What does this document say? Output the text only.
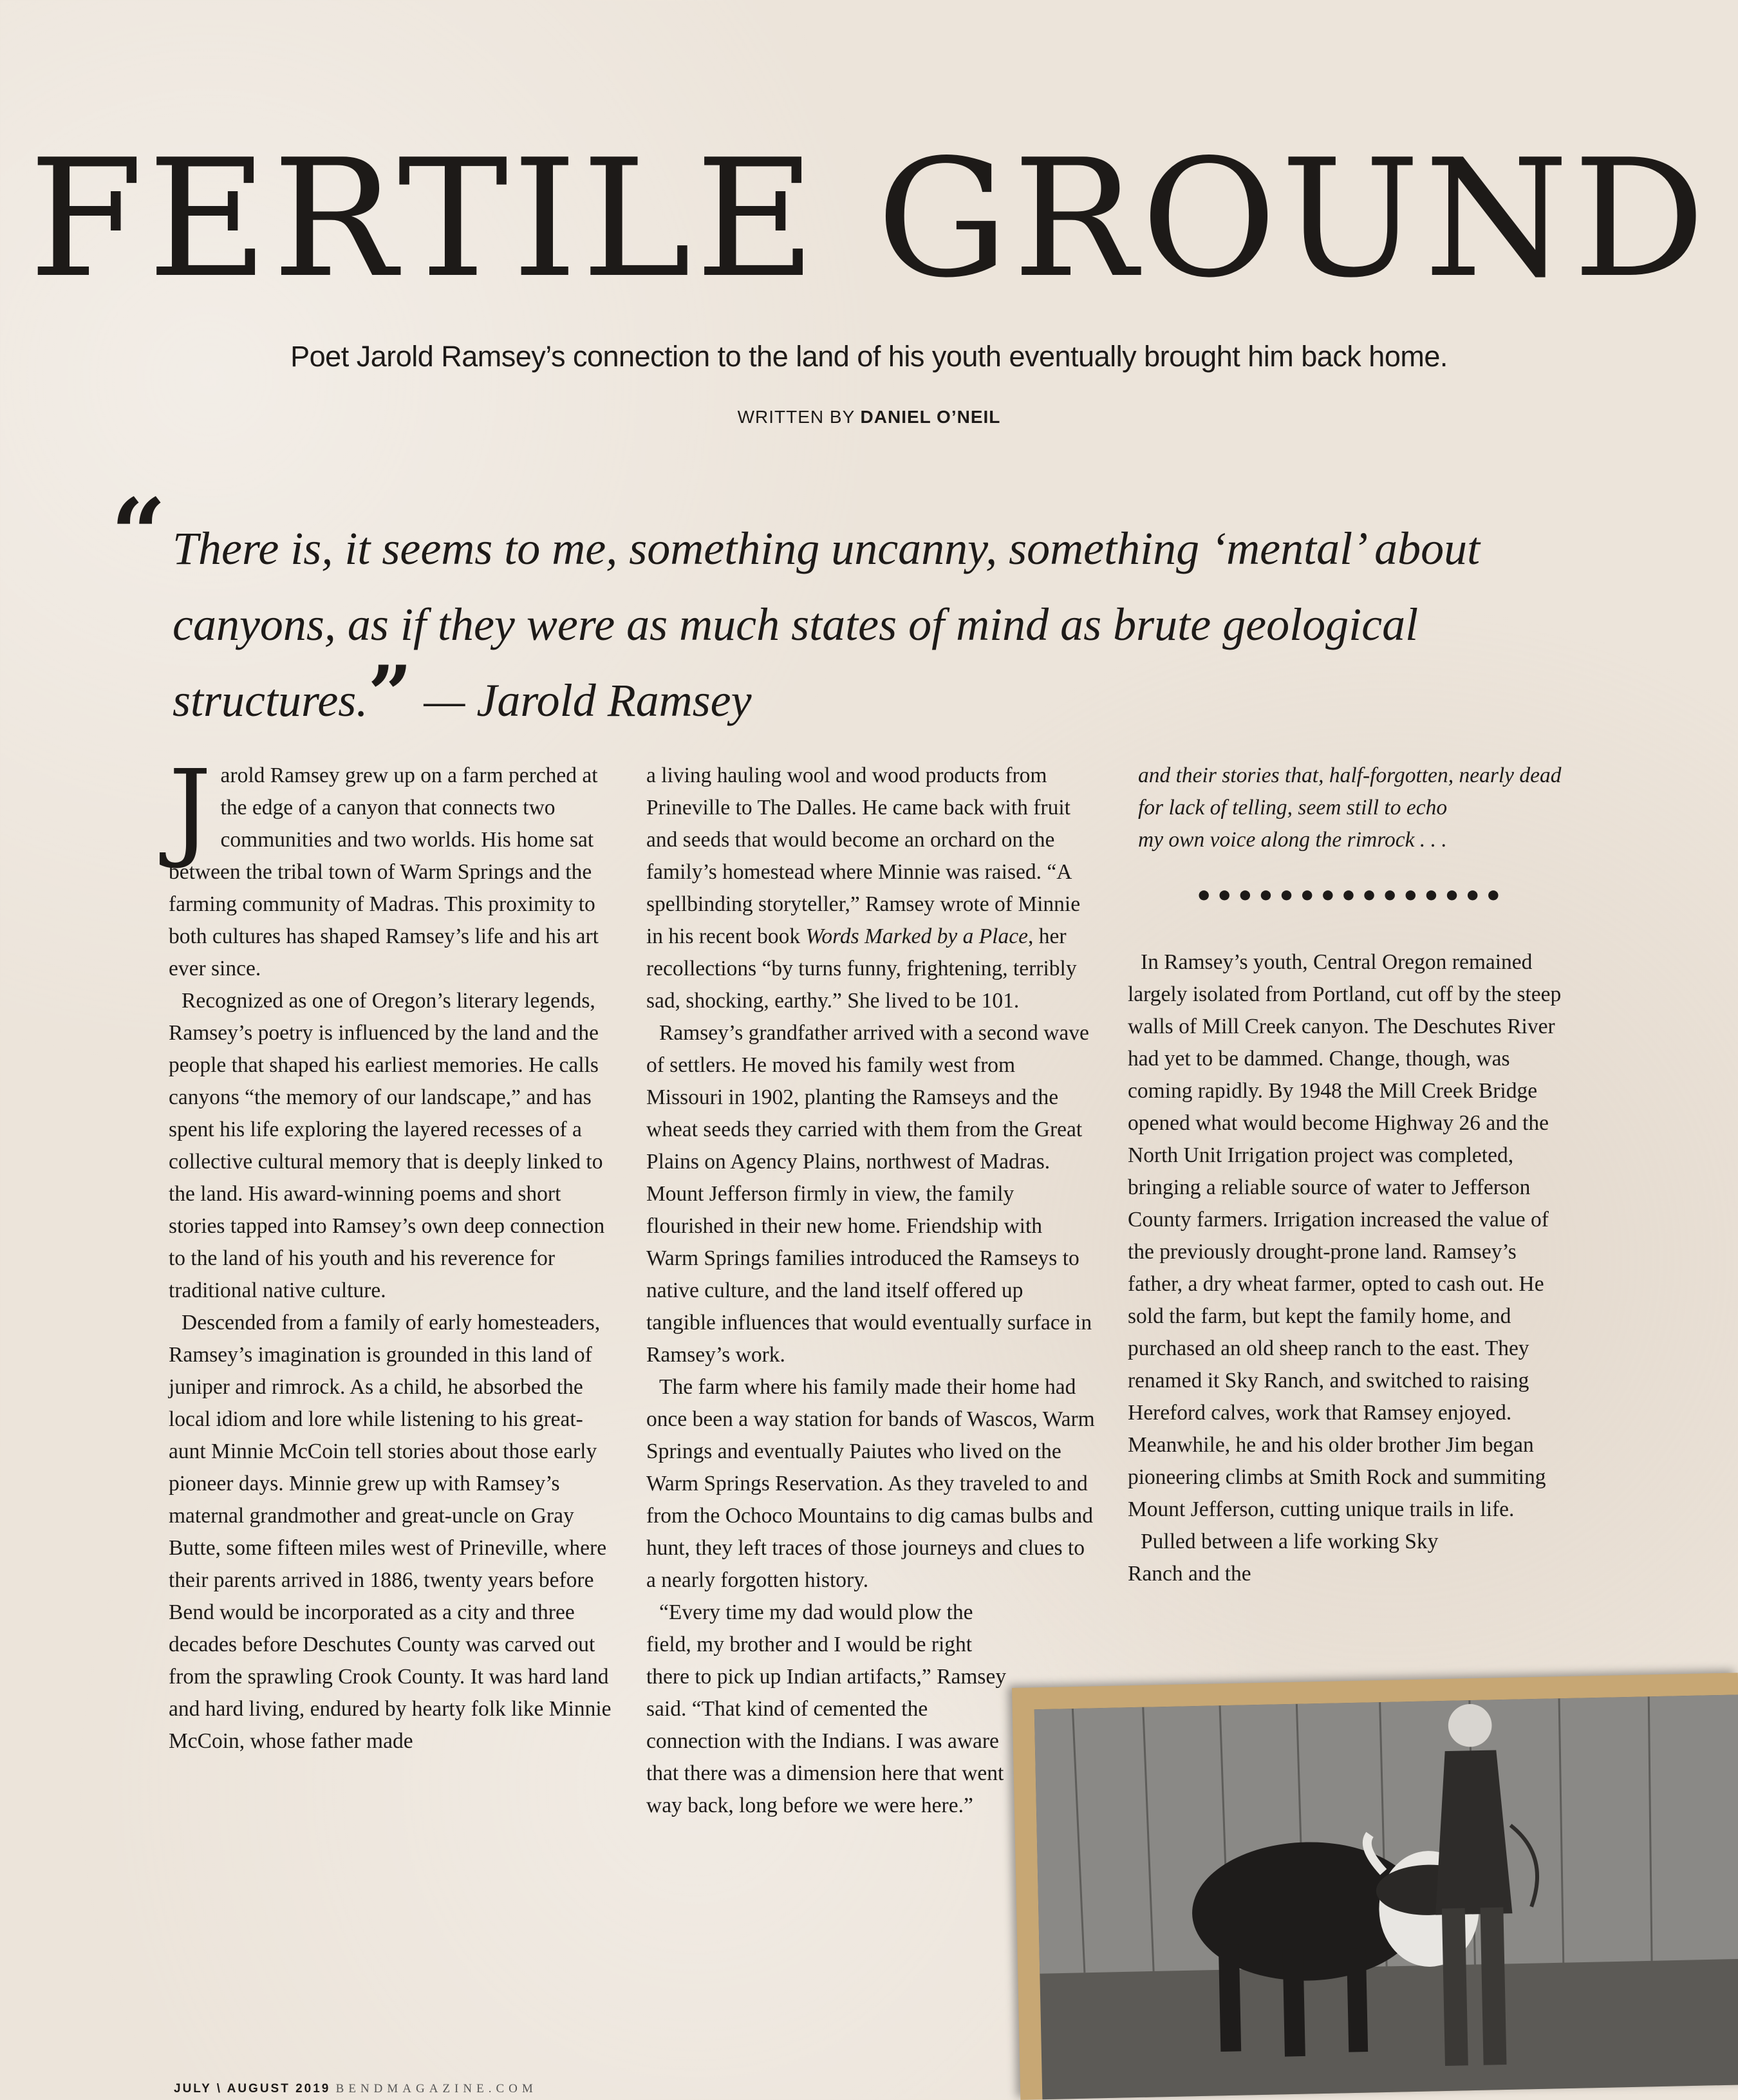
FERTILE GROUND
Poet Jarold Ramsey’s connection to the land of his youth eventually brought him back home.
WRITTEN BY DANIEL O’NEIL
“ There is, it seems to me, something uncanny, something ‘mental’ about canyons, as if they were as much states of mind as brute geological structures.” — Jarold Ramsey

Jarold Ramsey grew up on a farm perched at the edge of a canyon that connects two communities and two worlds. His home sat between the tribal town of Warm Springs and the farming community of Madras. This proximity to both cultures has shaped Ramsey’s life and his art ever since.

Recognized as one of Oregon’s literary legends, Ramsey’s poetry is influenced by the land and the people that shaped his earliest memories. He calls canyons “the memory of our landscape,” and has spent his life exploring the layered recesses of a collective cultural memory that is deeply linked to the land. His award-winning poems and short stories tapped into Ramsey’s own deep connection to the land of his youth and his reverence for traditional native culture.

Descended from a family of early homesteaders, Ramsey’s imagination is grounded in this land of juniper and rimrock. As a child, he absorbed the local idiom and lore while listening to his great-aunt Minnie McCoin tell stories about those early pioneer days. Minnie grew up with Ramsey’s maternal grandmother and great-uncle on Gray Butte, some fifteen miles west of Prineville, where their parents arrived in 1886, twenty years before Bend would be incorporated as a city and three decades before Deschutes County was carved out from the sprawling Crook County. It was hard land and hard living, endured by hearty folk like Minnie McCoin, whose father made

a living hauling wool and wood products from Prineville to The Dalles. He came back with fruit and seeds that would become an orchard on the family’s homestead where Minnie was raised. “A spellbinding storyteller,” Ramsey wrote of Minnie in his recent book Words Marked by a Place, her recollections “by turns funny, frightening, terribly sad, shocking, earthy.” She lived to be 101.

Ramsey’s grandfather arrived with a second wave of settlers. He moved his family west from Missouri in 1902, planting the Ramseys and the wheat seeds they carried with them from the Great Plains on Agency Plains, northwest of Madras. Mount Jefferson firmly in view, the family flourished in their new home. Friendship with Warm Springs families introduced the Ramseys to native culture, and the land itself offered up tangible influences that would eventually surface in Ramsey’s work.

The farm where his family made their home had once been a way station for bands of Wascos, Warm Springs and eventually Paiutes who lived on the Warm Springs Reservation. As they traveled to and from the Ochoco Mountains to dig camas bulbs and hunt, they left traces of those journeys and clues to a nearly forgotten history.

“Every time my dad would plow the field, my brother and I would be right there to pick up Indian artifacts,” Ramsey said. “That kind of cemented the connection with the Indians. I was aware that there was a dimension here that went way back, long before we were here.”

and their stories that, half-forgotten, nearly dead
for lack of telling, seem still to echo
my own voice along the rimrock . . .
•••••••••••••••

In Ramsey’s youth, Central Oregon remained largely isolated from Portland, cut off by the steep walls of Mill Creek canyon. The Deschutes River had yet to be dammed. Change, though, was coming rapidly. By 1948 the Mill Creek Bridge opened what would become Highway 26 and the North Unit Irrigation project was completed, bringing a reliable source of water to Jefferson County farmers. Irrigation increased the value of the previously drought-prone land. Ramsey’s father, a dry wheat farmer, opted to cash out. He sold the farm, but kept the family home, and purchased an old sheep ranch to the east. They renamed it Sky Ranch, and switched to raising Hereford calves, work that Ramsey enjoyed. Meanwhile, he and his older brother Jim began pioneering climbs at Smith Rock and summiting Mount Jefferson, cutting unique trails in life.

Pulled between a life working Sky Ranch and the

JULY \ AUGUST 2019 BENDMAGAZINE.COM
